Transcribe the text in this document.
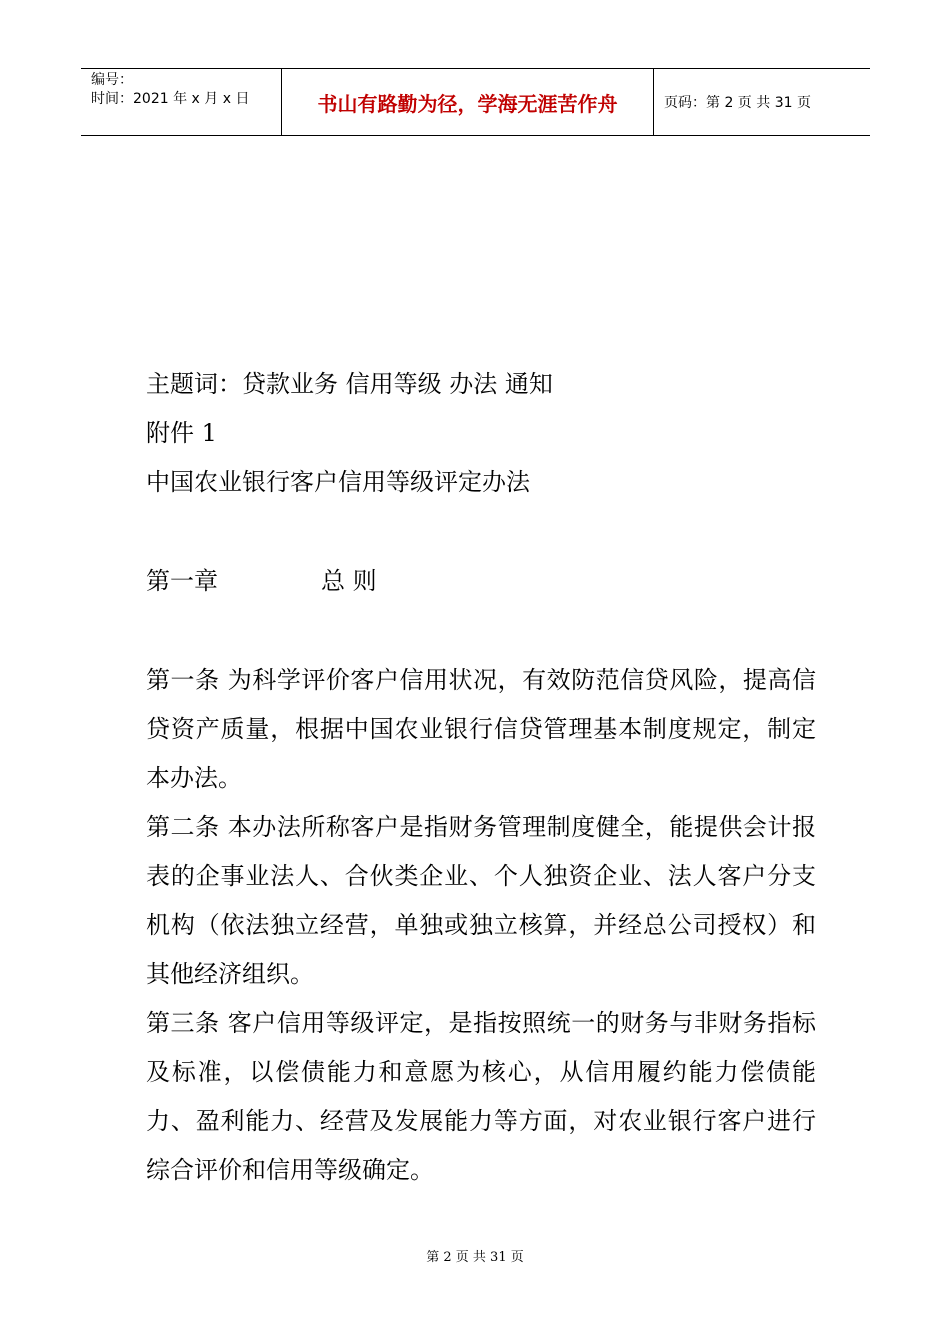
编号：
时间：2021 年 x 月 x 日	书山有路勤为径，学海无涯苦作舟	页码：第 2 页 共 31 页
主题词：贷款业务 信用等级 办法 通知
附件 1
中国农业银行客户信用等级评定办法
第一章	总 则
第一条 为科学评价客户信用状况，有效防范信贷风险，提高信贷资产质量，根据中国农业银行信贷管理基本制度规定，制定本办法。
第二条 本办法所称客户是指财务管理制度健全，能提供会计报表的企事业法人、合伙类企业、个人独资企业、法人客户分支机构（依法独立经营，单独或独立核算，并经总公司授权）和其他经济组织。
第三条 客户信用等级评定，是指按照统一的财务与非财务指标及标准，以偿债能力和意愿为核心，从信用履约能力偿债能力、盈利能力、经营及发展能力等方面，对农业银行客户进行综合评价和信用等级确定。
第 2 页 共 31 页
